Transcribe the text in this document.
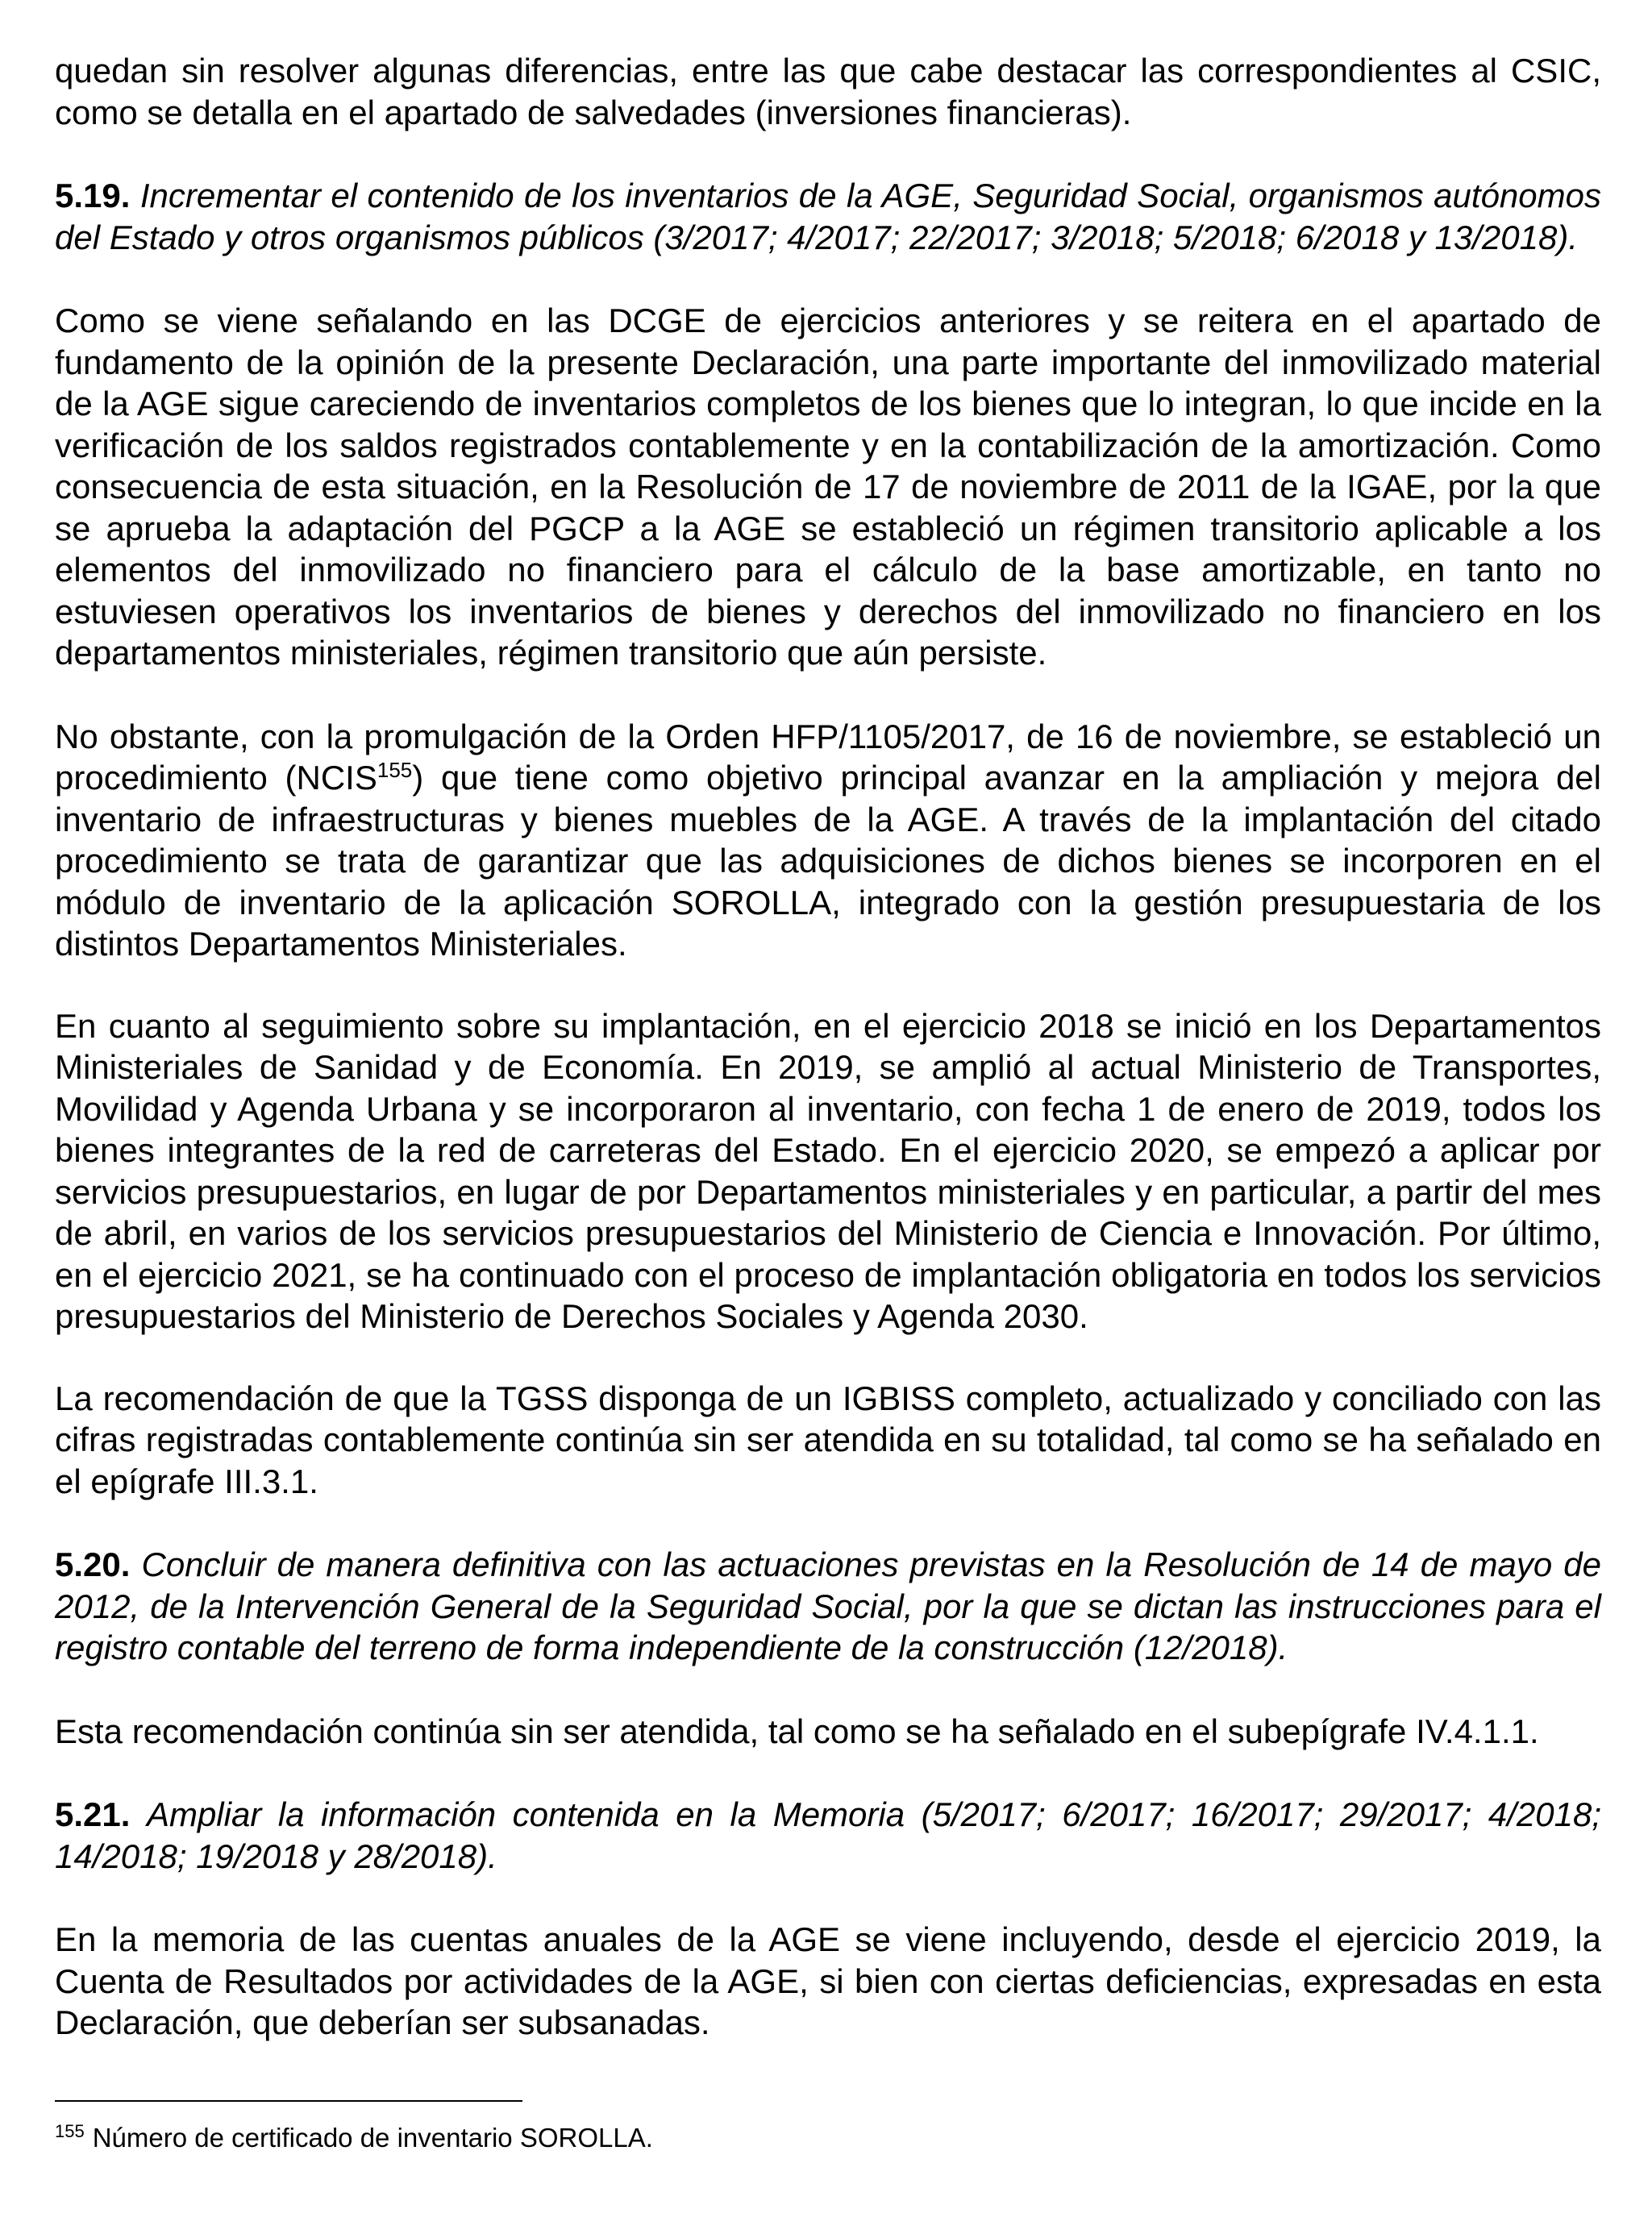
quedan sin resolver algunas diferencias, entre las que cabe destacar las correspondientes al CSIC, como se detalla en el apartado de salvedades (inversiones financieras).

5.19. Incrementar el contenido de los inventarios de la AGE, Seguridad Social, organismos autónomos del Estado y otros organismos públicos (3/2017; 4/2017; 22/2017; 3/2018; 5/2018; 6/2018 y 13/2018).

Como se viene señalando en las DCGE de ejercicios anteriores y se reitera en el apartado de fundamento de la opinión de la presente Declaración, una parte importante del inmovilizado material de la AGE sigue careciendo de inventarios completos de los bienes que lo integran, lo que incide en la verificación de los saldos registrados contablemente y en la contabilización de la amortización. Como consecuencia de esta situación, en la Resolución de 17 de noviembre de 2011 de la IGAE, por la que se aprueba la adaptación del PGCP a la AGE se estableció un régimen transitorio aplicable a los elementos del inmovilizado no financiero para el cálculo de la base amortizable, en tanto no estuviesen operativos los inventarios de bienes y derechos del inmovilizado no financiero en los departamentos ministeriales, régimen transitorio que aún persiste.

No obstante, con la promulgación de la Orden HFP/1105/2017, de 16 de noviembre, se estableció un procedimiento (NCIS$^{155}$) que tiene como objetivo principal avanzar en la ampliación y mejora del inventario de infraestructuras y bienes muebles de la AGE. A través de la implantación del citado procedimiento se trata de garantizar que las adquisiciones de dichos bienes se incorporen en el módulo de inventario de la aplicación SOROLLA, integrado con la gestión presupuestaria de los distintos Departamentos Ministeriales.

En cuanto al seguimiento sobre su implantación, en el ejercicio 2018 se inició en los Departamentos Ministeriales de Sanidad y de Economía. En 2019, se amplió al actual Ministerio de Transportes, Movilidad y Agenda Urbana y se incorporaron al inventario, con fecha 1 de enero de 2019, todos los bienes integrantes de la red de carreteras del Estado. En el ejercicio 2020, se empezó a aplicar por servicios presupuestarios, en lugar de por Departamentos ministeriales y en particular, a partir del mes de abril, en varios de los servicios presupuestarios del Ministerio de Ciencia e Innovación. Por último, en el ejercicio 2021, se ha continuado con el proceso de implantación obligatoria en todos los servicios presupuestarios del Ministerio de Derechos Sociales y Agenda 2030.

La recomendación de que la TGSS disponga de un IGBISS completo, actualizado y conciliado con las cifras registradas contablemente continúa sin ser atendida en su totalidad, tal como se ha señalado en el epígrafe III.3.1.

5.20. Concluir de manera definitiva con las actuaciones previstas en la Resolución de 14 de mayo de 2012, de la Intervención General de la Seguridad Social, por la que se dictan las instrucciones para el registro contable del terreno de forma independiente de la construcción (12/2018).

Esta recomendación continúa sin ser atendida, tal como se ha señalado en el subepígrafe IV.4.1.1.

5.21. Ampliar la información contenida en la Memoria (5/2017; 6/2017; 16/2017; 29/2017; 4/2018; 14/2018; 19/2018 y 28/2018).

En la memoria de las cuentas anuales de la AGE se viene incluyendo, desde el ejercicio 2019, la Cuenta de Resultados por actividades de la AGE, si bien con ciertas deficiencias, expresadas en esta Declaración, que deberían ser subsanadas.

$^{155}$ Número de certificado de inventario SOROLLA.
